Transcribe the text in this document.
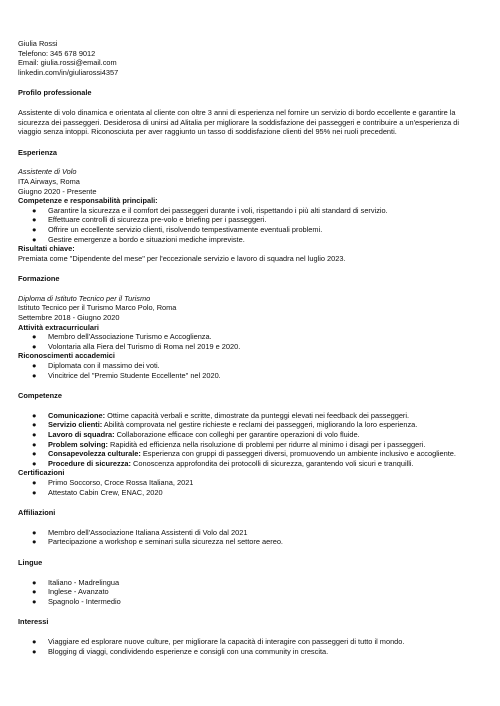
Giulia Rossi
Telefono: 345 678 9012
Email: giulia.rossi@email.com
linkedin.com/in/giuliarossi4357
Profilo professionale
Assistente di volo dinamica e orientata al cliente con oltre 3 anni di esperienza nel fornire un servizio di bordo eccellente e garantire la sicurezza dei passeggeri. Desiderosa di unirsi ad Alitalia per migliorare la soddisfazione dei passeggeri e contribuire a un'esperienza di viaggio senza intoppi. Riconosciuta per aver raggiunto un tasso di soddisfazione clienti del 95% nei ruoli precedenti.
Esperienza
Assistente di Volo
ITA Airways, Roma
Giugno 2020 - Presente
Competenze e responsabilità principali:
● Garantire la sicurezza e il comfort dei passeggeri durante i voli, rispettando i più alti standard di servizio.
● Effettuare controlli di sicurezza pre-volo e briefing per i passeggeri.
● Offrire un eccellente servizio clienti, risolvendo tempestivamente eventuali problemi.
● Gestire emergenze a bordo e situazioni mediche impreviste.
Risultati chiave:
Premiata come "Dipendente del mese" per l'eccezionale servizio e lavoro di squadra nel luglio 2023.
Formazione
Diploma di Istituto Tecnico per il Turismo
Istituto Tecnico per il Turismo Marco Polo, Roma
Settembre 2018 - Giugno 2020
Attività extracurriculari
● Membro dell'Associazione Turismo e Accoglienza.
● Volontaria alla Fiera del Turismo di Roma nel 2019 e 2020.
Riconoscimenti accademici
● Diplomata con il massimo dei voti.
● Vincitrice del "Premio Studente Eccellente" nel 2020.
Competenze
● Comunicazione: Ottime capacità verbali e scritte, dimostrate da punteggi elevati nei feedback dei passeggeri.
● Servizio clienti: Abilità comprovata nel gestire richieste e reclami dei passeggeri, migliorando la loro esperienza.
● Lavoro di squadra: Collaborazione efficace con colleghi per garantire operazioni di volo fluide.
● Problem solving: Rapidità ed efficienza nella risoluzione di problemi per ridurre al minimo i disagi per i passeggeri.
● Consapevolezza culturale: Esperienza con gruppi di passeggeri diversi, promuovendo un ambiente inclusivo e accogliente.
● Procedure di sicurezza: Conoscenza approfondita dei protocolli di sicurezza, garantendo voli sicuri e tranquilli.
Certificazioni
● Primo Soccorso, Croce Rossa Italiana, 2021
● Attestato Cabin Crew, ENAC, 2020
Affiliazioni
● Membro dell'Associazione Italiana Assistenti di Volo dal 2021
● Partecipazione a workshop e seminari sulla sicurezza nel settore aereo.
Lingue
● Italiano - Madrelingua
● Inglese - Avanzato
● Spagnolo - Intermedio
Interessi
● Viaggiare ed esplorare nuove culture, per migliorare la capacità di interagire con passeggeri di tutto il mondo.
● Blogging di viaggi, condividendo esperienze e consigli con una community in crescita.
